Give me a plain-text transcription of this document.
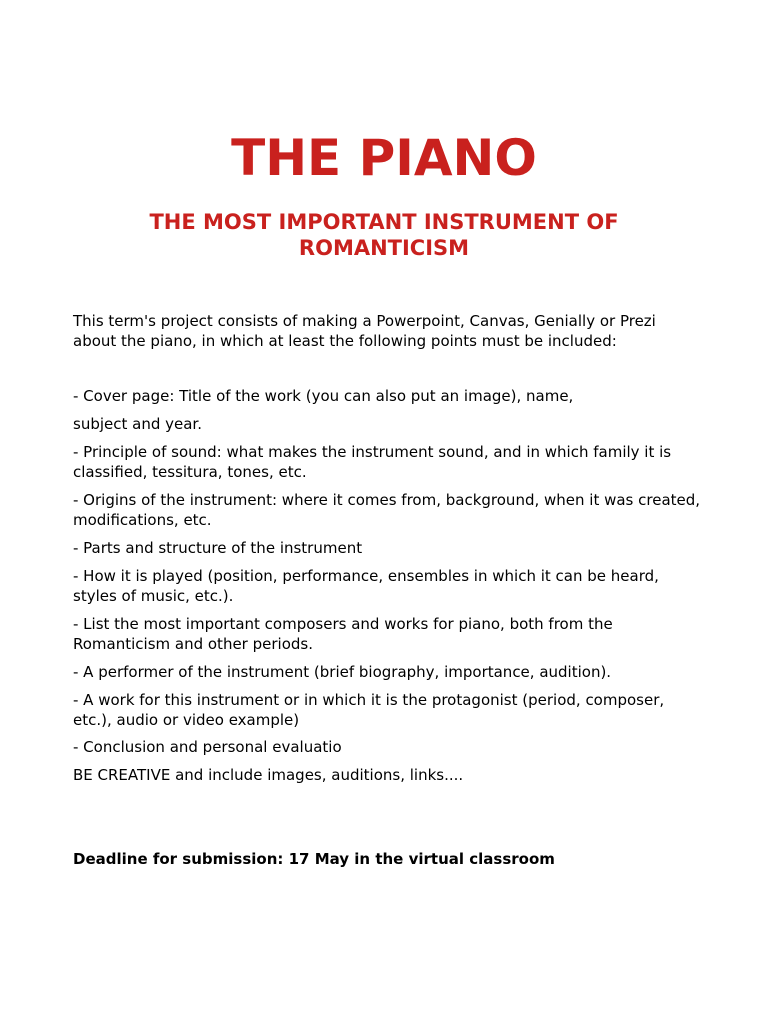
THE PIANO
THE MOST IMPORTANT INSTRUMENT OF ROMANTICISM

This term's project consists of making a Powerpoint, Canvas, Genially or Prezi about the piano, in which at least the following points must be included:

- Cover page: Title of the work (you can also put an image), name,

subject and year.

- Principle of sound: what makes the instrument sound, and in which family it is classified, tessitura, tones, etc.

- Origins of the instrument: where it comes from, background, when it was created, modifications, etc.

- Parts and structure of the instrument

- How it is played (position, performance, ensembles in which it can be heard, styles of music, etc.).

- List the most important composers and works for piano, both from the Romanticism and other periods.

- A performer of the instrument (brief biography, importance, audition).

- A work for this instrument or in which it is the protagonist (period, composer, etc.), audio or video example)

- Conclusion and personal evaluatio

BE CREATIVE and include images, auditions, links....

Deadline for submission: 17 May in the virtual classroom
